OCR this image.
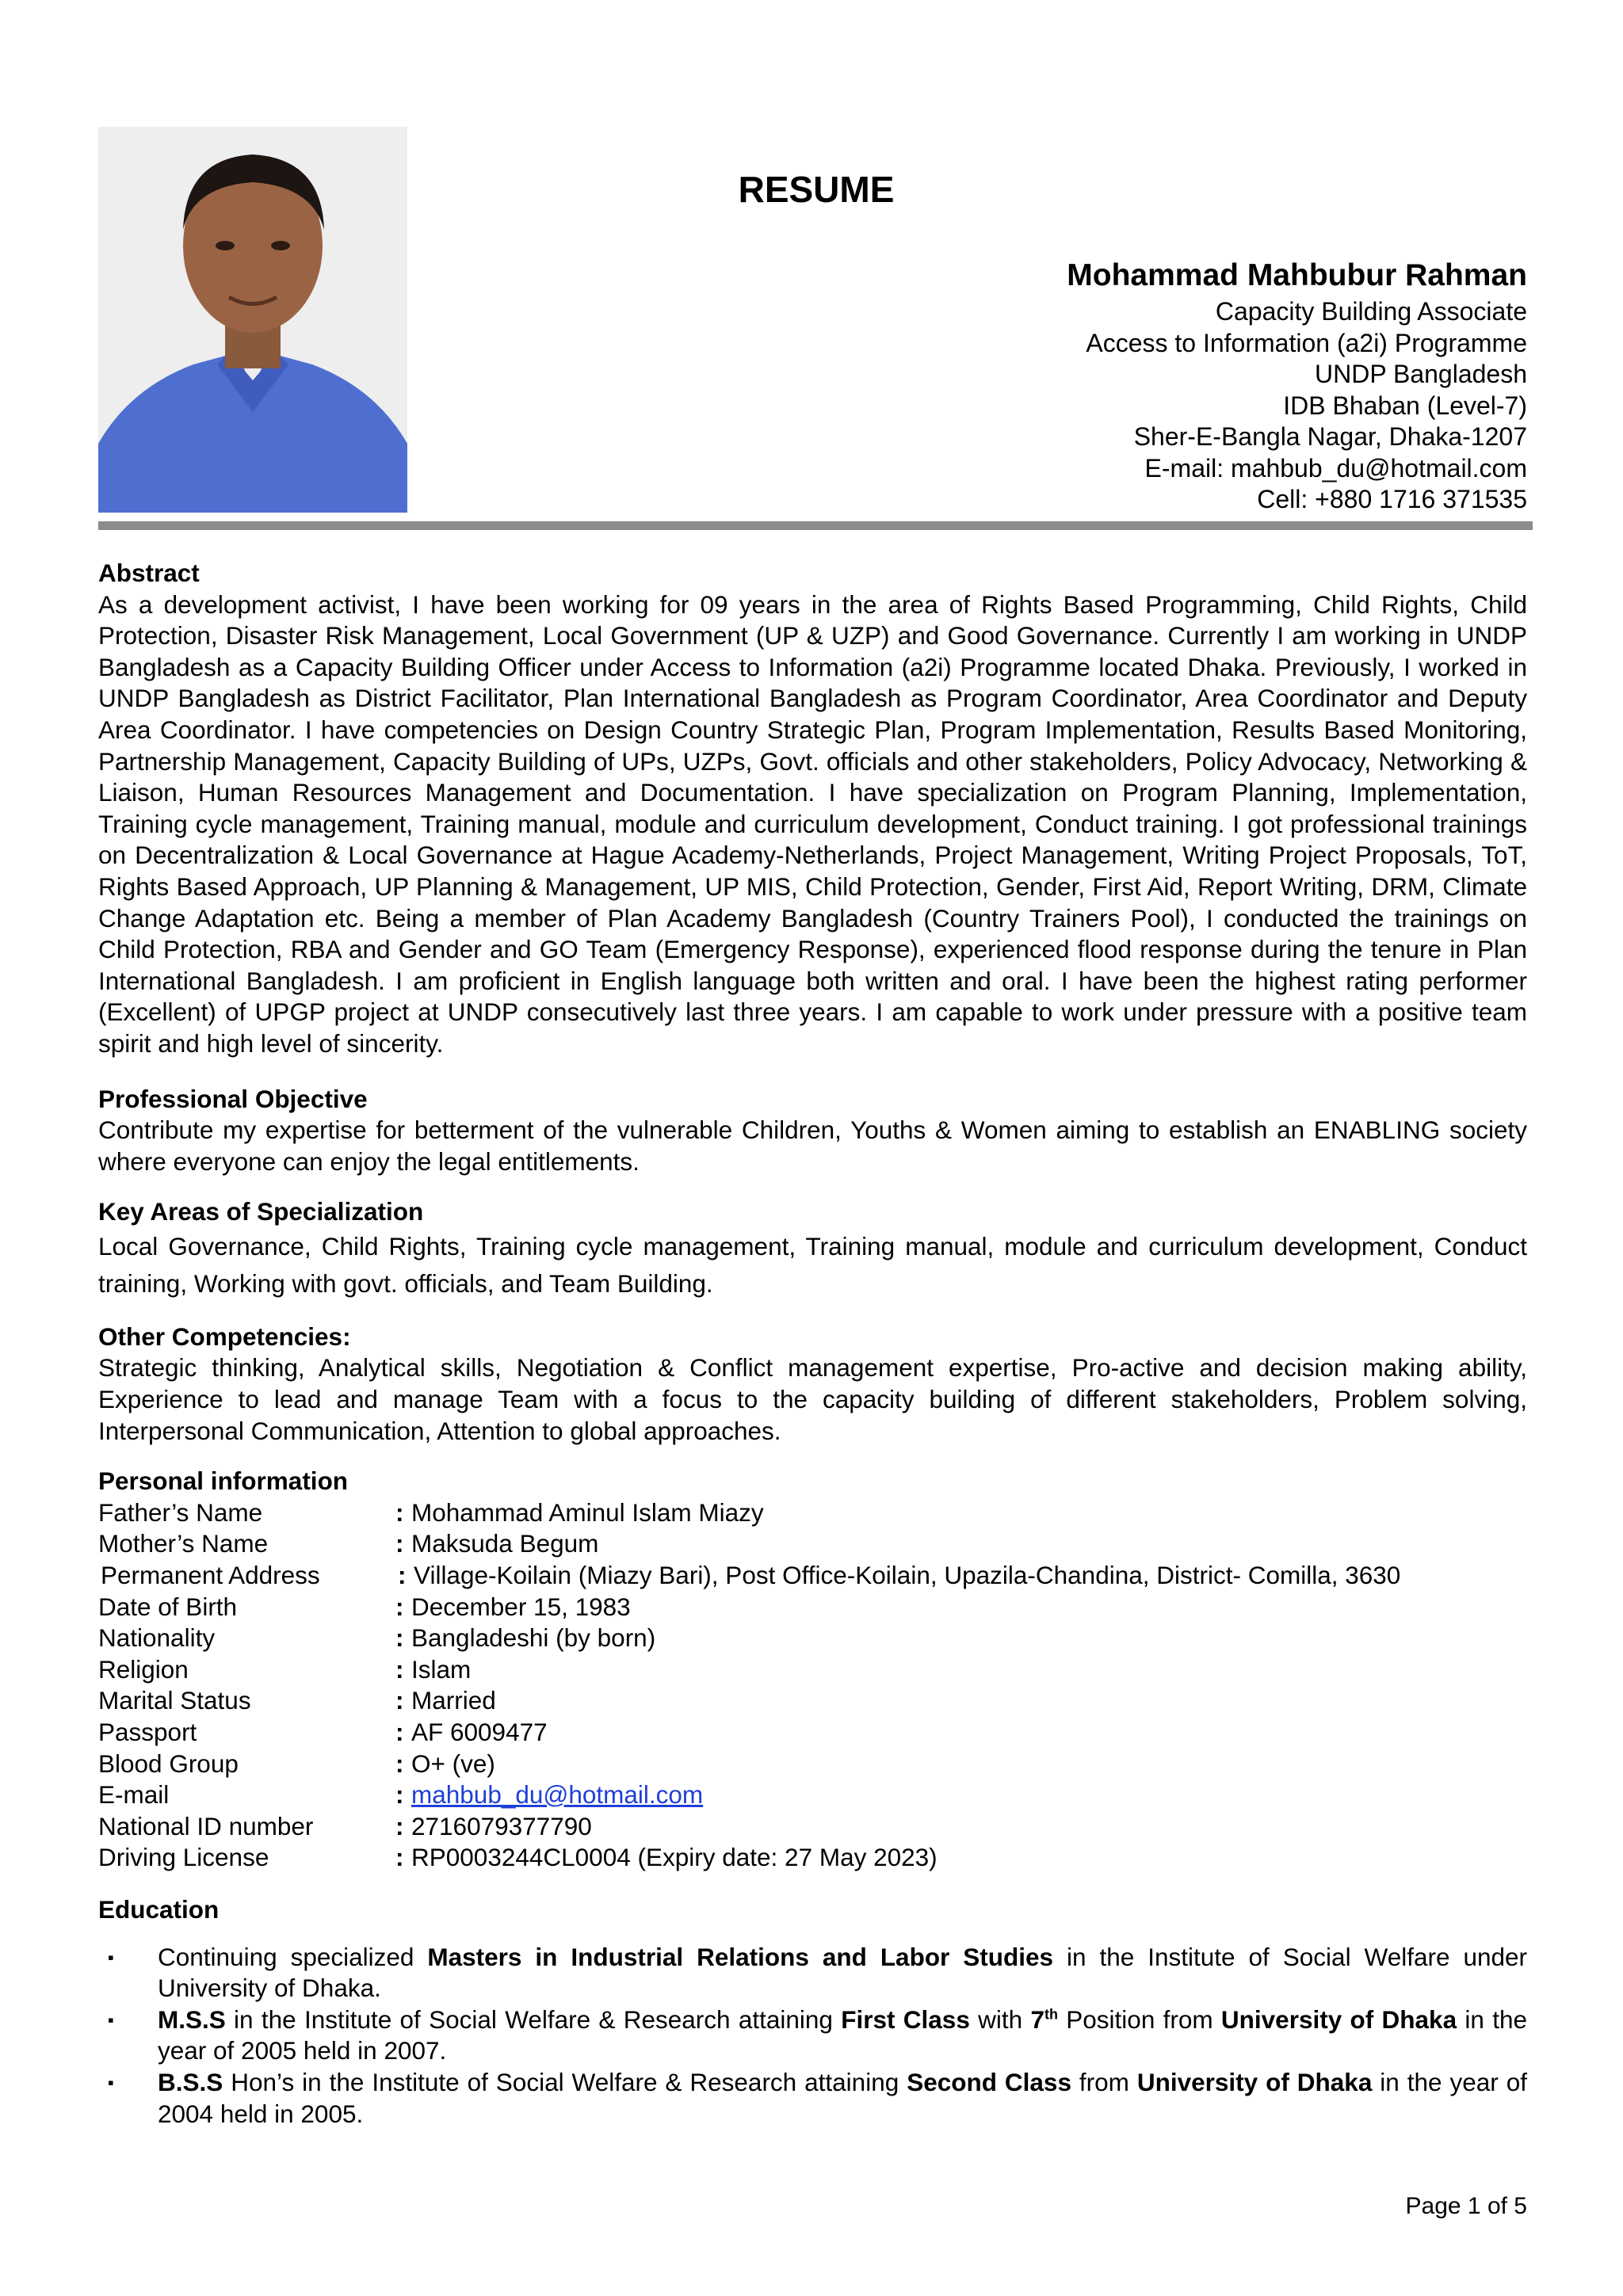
RESUME
Mohammad Mahbubur Rahman
Capacity Building Associate
Access to Information (a2i) Programme
UNDP Bangladesh
IDB Bhaban (Level-7)
Sher-E-Bangla Nagar, Dhaka-1207
E-mail: mahbub_du@hotmail.com
Cell: +880 1716 371535
Abstract

As a development activist, I have been working for 09 years in the area of Rights Based Programming, Child Rights, Child Protection, Disaster Risk Management, Local Government (UP & UZP) and Good Governance. Currently I am working in UNDP Bangladesh as a Capacity Building Officer under Access to Information (a2i) Programme located Dhaka. Previously, I worked in UNDP Bangladesh as District Facilitator, Plan International Bangladesh as Program Coordinator, Area Coordinator and Deputy Area Coordinator. I have competencies on Design Country Strategic Plan, Program Implementation, Results Based Monitoring, Partnership Management, Capacity Building of UPs, UZPs, Govt. officials and other stakeholders, Policy Advocacy, Networking & Liaison, Human Resources Management and Documentation. I have specialization on Program Planning, Implementation, Training cycle management, Training manual, module and curriculum development, Conduct training. I got professional trainings on Decentralization & Local Governance at Hague Academy-Netherlands, Project Management, Writing Project Proposals, ToT, Rights Based Approach, UP Planning & Management, UP MIS, Child Protection, Gender, First Aid, Report Writing, DRM, Climate Change Adaptation etc. Being a member of Plan Academy Bangladesh (Country Trainers Pool), I conducted the trainings on Child Protection, RBA and Gender and GO Team (Emergency Response), experienced flood response during the tenure in Plan International Bangladesh. I am proficient in English language both written and oral. I have been the highest rating performer (Excellent) of UPGP project at UNDP consecutively last three years. I am capable to work under pressure with a positive team spirit and high level of sincerity.

Professional Objective

Contribute my expertise for betterment of the vulnerable Children, Youths & Women aiming to establish an ENABLING society where everyone can enjoy the legal entitlements.

Key Areas of Specialization

Local Governance, Child Rights, Training cycle management, Training manual, module and curriculum development, Conduct training, Working with govt. officials, and Team Building.

Other Competencies:

Strategic thinking, Analytical skills, Negotiation & Conflict management expertise, Pro-active and decision making ability, Experience to lead and manage Team with a focus to the capacity building of different stakeholders, Problem solving, Interpersonal Communication, Attention to global approaches.

Personal information
Father’s Name	: Mohammad Aminul Islam Miazy
Mother’s Name	: Maksuda Begum
Permanent Address	: Village-Koilain (Miazy Bari), Post Office-Koilain, Upazila-Chandina, District- Comilla, 3630
Date of Birth	: December 15, 1983
Nationality	: Bangladeshi (by born)
Religion	: Islam
Marital Status	: Married
Passport	: AF 6009477
Blood Group	: O+ (ve)
E-mail	: mahbub_du@hotmail.com
National ID number	: 2716079377790
Driving License	: RP0003244CL0004 (Expiry date: 27 May 2023)
Education
▪	Continuing specialized Masters in Industrial Relations and Labor Studies in the Institute of Social Welfare under University of Dhaka.
▪	M.S.S in the Institute of Social Welfare & Research attaining First Class with 7th Position from University of Dhaka in the year of 2005 held in 2007.
▪	B.S.S Hon’s in the Institute of Social Welfare & Research attaining Second Class from University of Dhaka in the year of 2004 held in 2005.
Page 1 of 5
